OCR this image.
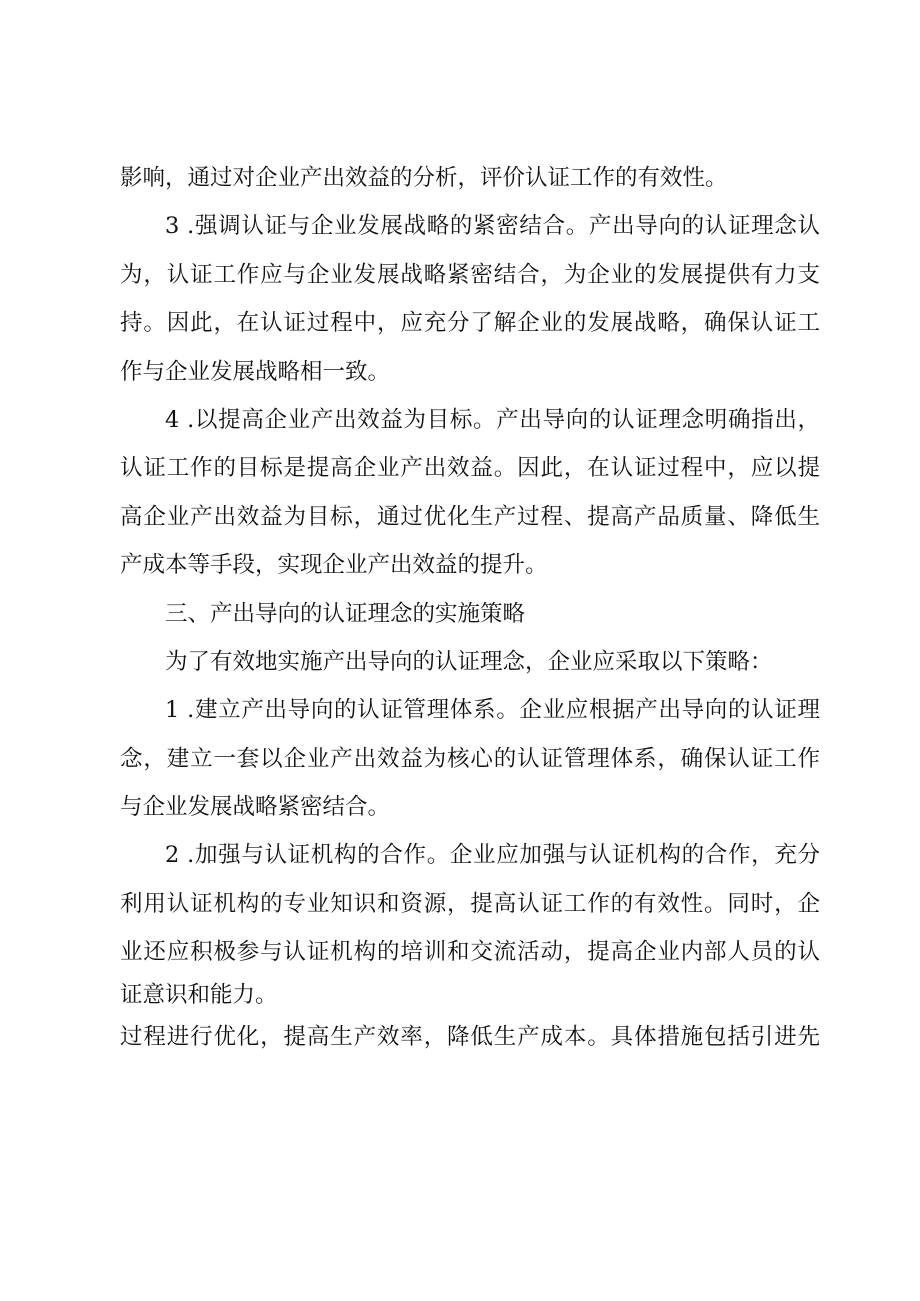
影响，通过对企业产出效益的分析，评价认证工作的有效性。
3 .强调认证与企业发展战略的紧密结合。产出导向的认证理念认
为，认证工作应与企业发展战略紧密结合，为企业的发展提供有力支
持。因此，在认证过程中，应充分了解企业的发展战略，确保认证工
作与企业发展战略相一致。
4 .以提高企业产出效益为目标。产出导向的认证理念明确指出，
认证工作的目标是提高企业产出效益。因此，在认证过程中，应以提
高企业产出效益为目标，通过优化生产过程、提高产品质量、降低生
产成本等手段，实现企业产出效益的提升。
三、产出导向的认证理念的实施策略
为了有效地实施产出导向的认证理念，企业应采取以下策略：
1 .建立产出导向的认证管理体系。企业应根据产出导向的认证理
念，建立一套以企业产出效益为核心的认证管理体系，确保认证工作
与企业发展战略紧密结合。
2 .加强与认证机构的合作。企业应加强与认证机构的合作，充分
利用认证机构的专业知识和资源，提高认证工作的有效性。同时，企
业还应积极参与认证机构的培训和交流活动，提高企业内部人员的认
证意识和能力。
过程进行优化，提高生产效率，降低生产成本。具体措施包括引进先
